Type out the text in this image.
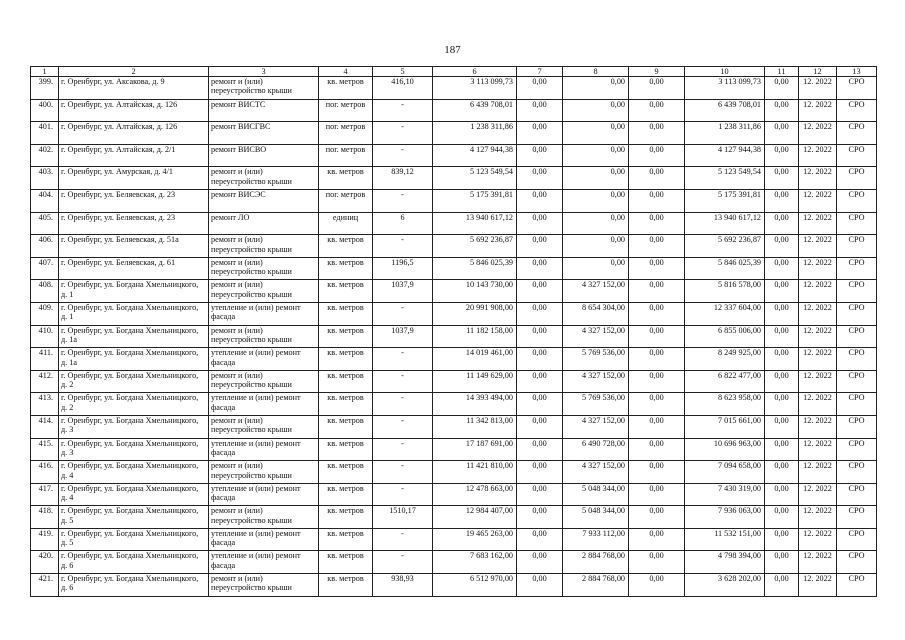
187
1	2	3	4	5	6	7	8	9	10	11	12	13
399.	г. Оренбург, ул. Аксакова, д. 9	ремонт и (или) переустройство крыши	кв. метров	416,10	3 113 099,73	0,00	0,00	0,00	3 113 099,73	0,00	12. 2022	СРО
400.	г. Оренбург, ул. Алтайская, д. 126	ремонт ВИСТС	пог. метров	-	6 439 708,01	0,00	0,00	0,00	6 439 708,01	0,00	12. 2022	СРО
401.	г. Оренбург, ул. Алтайская, д. 126	ремонт ВИСГВС	пог. метров	-	1 238 311,86	0,00	0,00	0,00	1 238 311,86	0,00	12. 2022	СРО
402.	г. Оренбург, ул. Алтайская, д. 2/1	ремонт ВИСВО	пог. метров	-	4 127 944,38	0,00	0,00	0,00	4 127 944,38	0,00	12. 2022	СРО
403.	г. Оренбург, ул. Амурская, д. 4/1	ремонт и (или) переустройство крыши	кв. метров	839,12	5 123 549,54	0,00	0,00	0,00	5 123 549,54	0,00	12. 2022	СРО
404.	г. Оренбург, ул. Беляевская, д. 23	ремонт ВИСЭС	пог. метров	-	5 175 391,81	0,00	0,00	0,00	5 175 391,81	0,00	12. 2022	СРО
405.	г. Оренбург, ул. Беляевская, д. 23	ремонт ЛО	единиц	6	13 940 617,12	0,00	0,00	0,00	13 940 617,12	0,00	12. 2022	СРО
406.	г. Оренбург, ул. Беляевская, д. 51а	ремонт и (или) переустройство крыши	кв. метров	-	5 692 236,87	0,00	0,00	0,00	5 692 236,87	0,00	12. 2022	СРО
407.	г. Оренбург, ул. Беляевская, д. 61	ремонт и (или) переустройство крыши	кв. метров	1196,5	5 846 025,39	0,00	0,00	0,00	5 846 025,39	0,00	12. 2022	СРО
408.	г. Оренбург, ул. Богдана Хмельницкого, д. 1	ремонт и (или) переустройство крыши	кв. метров	1037,9	10 143 730,00	0,00	4 327 152,00	0,00	5 816 578,00	0,00	12. 2022	СРО
409.	г. Оренбург, ул. Богдана Хмельницкого, д. 1	утепление и (или) ремонт фасада	кв. метров	-	20 991 908,00	0,00	8 654 304,00	0,00	12 337 604,00	0,00	12. 2022	СРО
410.	г. Оренбург, ул. Богдана Хмельницкого, д. 1а	ремонт и (или) переустройство крыши	кв. метров	1037,9	11 182 158,00	0,00	4 327 152,00	0,00	6 855 006,00	0,00	12. 2022	СРО
411.	г. Оренбург, ул. Богдана Хмельницкого, д. 1а	утепление и (или) ремонт фасада	кв. метров	-	14 019 461,00	0,00	5 769 536,00	0,00	8 249 925,00	0,00	12. 2022	СРО
412.	г. Оренбург, ул. Богдана Хмельницкого, д. 2	ремонт и (или) переустройство крыши	кв. метров	-	11 149 629,00	0,00	4 327 152,00	0,00	6 822 477,00	0,00	12. 2022	СРО
413.	г. Оренбург, ул. Богдана Хмельницкого, д. 2	утепление и (или) ремонт фасада	кв. метров	-	14 393 494,00	0,00	5 769 536,00	0,00	8 623 958,00	0,00	12. 2022	СРО
414.	г. Оренбург, ул. Богдана Хмельницкого, д. 3	ремонт и (или) переустройство крыши	кв. метров	-	11 342 813,00	0,00	4 327 152,00	0,00	7 015 661,00	0,00	12. 2022	СРО
415.	г. Оренбург, ул. Богдана Хмельницкого, д. 3	утепление и (или) ремонт фасада	кв. метров	-	17 187 691,00	0,00	6 490 728,00	0,00	10 696 963,00	0,00	12. 2022	СРО
416.	г. Оренбург, ул. Богдана Хмельницкого, д. 4	ремонт и (или) переустройство крыши	кв. метров	-	11 421 810,00	0,00	4 327 152,00	0,00	7 094 658,00	0,00	12. 2022	СРО
417.	г. Оренбург, ул. Богдана Хмельницкого, д. 4	утепление и (или) ремонт фасада	кв. метров	-	12 478 663,00	0,00	5 048 344,00	0,00	7 430 319,00	0,00	12. 2022	СРО
418.	г. Оренбург, ул. Богдана Хмельницкого, д. 5	ремонт и (или) переустройство крыши	кв. метров	1510,17	12 984 407,00	0,00	5 048 344,00	0,00	7 936 063,00	0,00	12. 2022	СРО
419.	г. Оренбург, ул. Богдана Хмельницкого, д. 5	утепление и (или) ремонт фасада	кв. метров	-	19 465 263,00	0,00	7 933 112,00	0,00	11 532 151,00	0,00	12. 2022	СРО
420.	г. Оренбург, ул. Богдана Хмельницкого, д. 6	утепление и (или) ремонт фасада	кв. метров	-	7 683 162,00	0,00	2 884 768,00	0,00	4 798 394,00	0,00	12. 2022	СРО
421.	г. Оренбург, ул. Богдана Хмельницкого, д. 6	ремонт и (или) переустройство крыши	кв. метров	938,93	6 512 970,00	0,00	2 884 768,00	0,00	3 628 202,00	0,00	12. 2022	СРО
